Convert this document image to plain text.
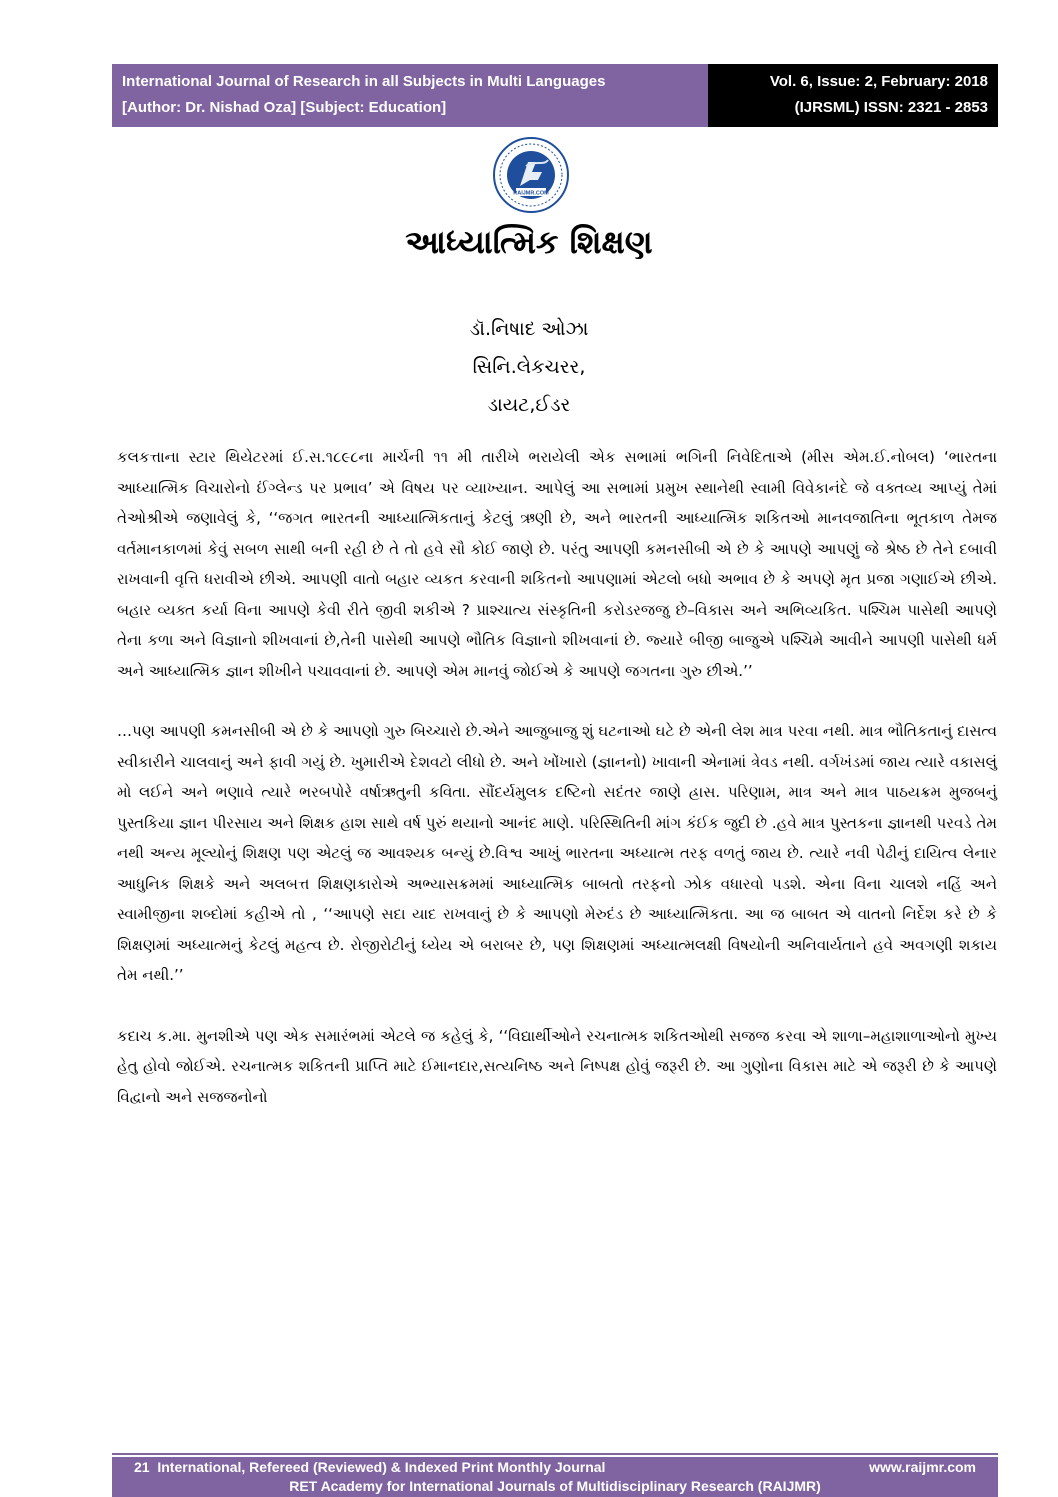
International Journal of Research in all Subjects in Multi Languages
[Author: Dr. Nishad Oza] [Subject: Education]
Vol. 6, Issue: 2, February: 2018
(IJRSML) ISSN: 2321 - 2853
RAIJMR.COM
આધ્યાત્મિક શિક્ષણ
ડૉ.નિષાદ ઓઝા
સિનિ.લેકચરર,
ડાયટ,ઈડર

કલકત્તાના સ્ટાર થિયેટરમાં ઈ.સ.૧૮૯૮ના માર્ચની ૧૧ મી તારીખે ભરાયેલી એક સભામાં ભગિની નિવેદિતાએ (મીસ એમ.ઈ.નોબલ) ‘ભારતના આધ્યાત્મિક વિચારોનો ઈંગ્લેન્ડ પર પ્રભાવ’ એ વિષય પર વ્યાખ્યાન. આપેલું આ સભામાં પ્રમુખ સ્થાનેથી સ્વામી વિવેકાનંદે જે વક્તવ્ય આપ્યું તેમાં તેઓશ્રીએ જણાવેલું કે, ‘‘જગત ભારતની આધ્યાત્મિકતાનું કેટલું ઋણી છે, અને ભારતની આધ્યાત્મિક શકિતઓ માનવજાતિના ભૂતકાળ તેમજ વર્તમાનકાળમાં કેવું સબળ સાથી બની રહી છે તે તો હવે સૌ કોઈ જાણે છે. પરંતુ આપણી કમનસીબી એ છે કે આપણે આપણું જે શ્રેષ્ઠ છે તેને દબાવી રાખવાની વૃત્તિ ધરાવીએ છીએ. આપણી વાતો બહાર વ્યકત કરવાની શકિતનો આપણામાં એટલો બધો અભાવ છે કે અપણે મૃત પ્રજા ગણાઈએ છીએ. બહાર વ્યક્ત કર્યા વિના આપણે કેવી રીતે જીવી શકીએ ? પ્રાશ્ચાત્ય સંસ્કૃતિની કરોડરજજુ છે–વિકાસ અને અભિવ્યકિત. પશ્ચિમ પાસેથી આપણે તેના કળા અને વિજ્ઞાનો શીખવાનાં છે,તેની પાસેથી આપણે ભૌતિક વિજ્ઞાનો શીખવાનાં છે. જ્યારે બીજી બાજુએ પશ્ચિમે આવીને આપણી પાસેથી ધર્મ અને આધ્યાત્મિક જ્ઞાન શીખીને પચાવવાનાં છે. આપણે એમ માનવું જોઈએ કે આપણે જગતના ગુરુ છીએ.’’

…પણ આપણી કમનસીબી એ છે કે આપણો ગુરુ બિચ્ચારો છે.એને આજુબાજુ શું ઘટનાઓ ઘટે છે એની લેશ માત્ર પરવા નથી. માત્ર ભૌતિકતાનું દાસત્વ સ્વીકારીને ચાલવાનું અને ફાવી ગયું છે. ખુમારીએ દેશવટો લીધો છે. અને ખોંખારો (જ્ઞાનનો) ખાવાની એનામાં ત્રેવડ નથી. વર્ગખંડમાં જાય ત્યારે વકાસલું મો લઈને અને ભણાવે ત્યારે ભરબપોરે વર્ષાઋતુની કવિતા. સૌંદર્યમુલક દષ્ટિનો સદંતર જાણે હ્રાસ. પરિણામ, માત્ર અને માત્ર પાઠયક્રમ મુજબનું પુસ્તકિયા જ્ઞાન પીરસાય અને શિક્ષક હાશ સાથે વર્ષ પુરું થયાનો આનંદ માણે. પરિસ્થિતિની માંગ કંઈક જુદી છે .હવે માત્ર પુસ્તકના જ્ઞાનથી પરવડે તેમ નથી અન્ય મૂલ્યોનું શિક્ષણ પણ એટલું જ આવશ્યક બન્યું છે.વિશ્વ આખું ભારતના અધ્યાત્મ તરફ વળતું જાય છે. ત્યારે નવી પેઢીનું દાયિત્વ લેનાર આધુનિક શિક્ષકે અને અલબત્ત શિક્ષણકારોએ અભ્યાસક્રમમાં આધ્યાત્મિક બાબતો તરફનો ઝોક વધારવો પડશે. એના વિના ચાલશે નહિં અને સ્વામીજીના શબ્દોમાં કહીએ તો , ‘‘આપણે સદા યાદ રાખવાનું છે કે આપણો મેરુદંડ છે આધ્યાત્મિકતા. આ જ બાબત એ વાતનો નિર્દેશ કરે છે કે શિક્ષણમાં અધ્યાત્મનું કેટલું મહત્વ છે. રોજીરોટીનું ધ્યેય એ બરાબર છે, પણ શિક્ષણમાં અધ્યાત્મલક્ષી વિષયોની અનિવાર્યતાને હવે અવગણી શકાય તેમ નથી.’’

કદાચ ક.મા. મુનશીએ પણ એક સમારંભમાં એટલે જ કહેલું કે, ‘‘વિદ્યાર્થીઓને રચનાત્મક શકિતઓથી સજજ કરવા એ શાળા–મહાશાળાઓનો મુખ્ય હેતુ હોવો જોઈએ. રચનાત્મક શકિતની પ્રાપ્તિ માટે ઈમાનદાર,સત્યનિષ્ઠ અને નિષ્પક્ષ હોવું જરૂરી છે. આ ગુણોના વિકાસ માટે એ જરૂરી છે કે આપણે વિદ્વાનો અને સજજનોનો

21 International, Refereed (Reviewed) & Indexed Print Monthly Journal	www.raijmr.com
RET Academy for International Journals of Multidisciplinary Research (RAIJMR)
